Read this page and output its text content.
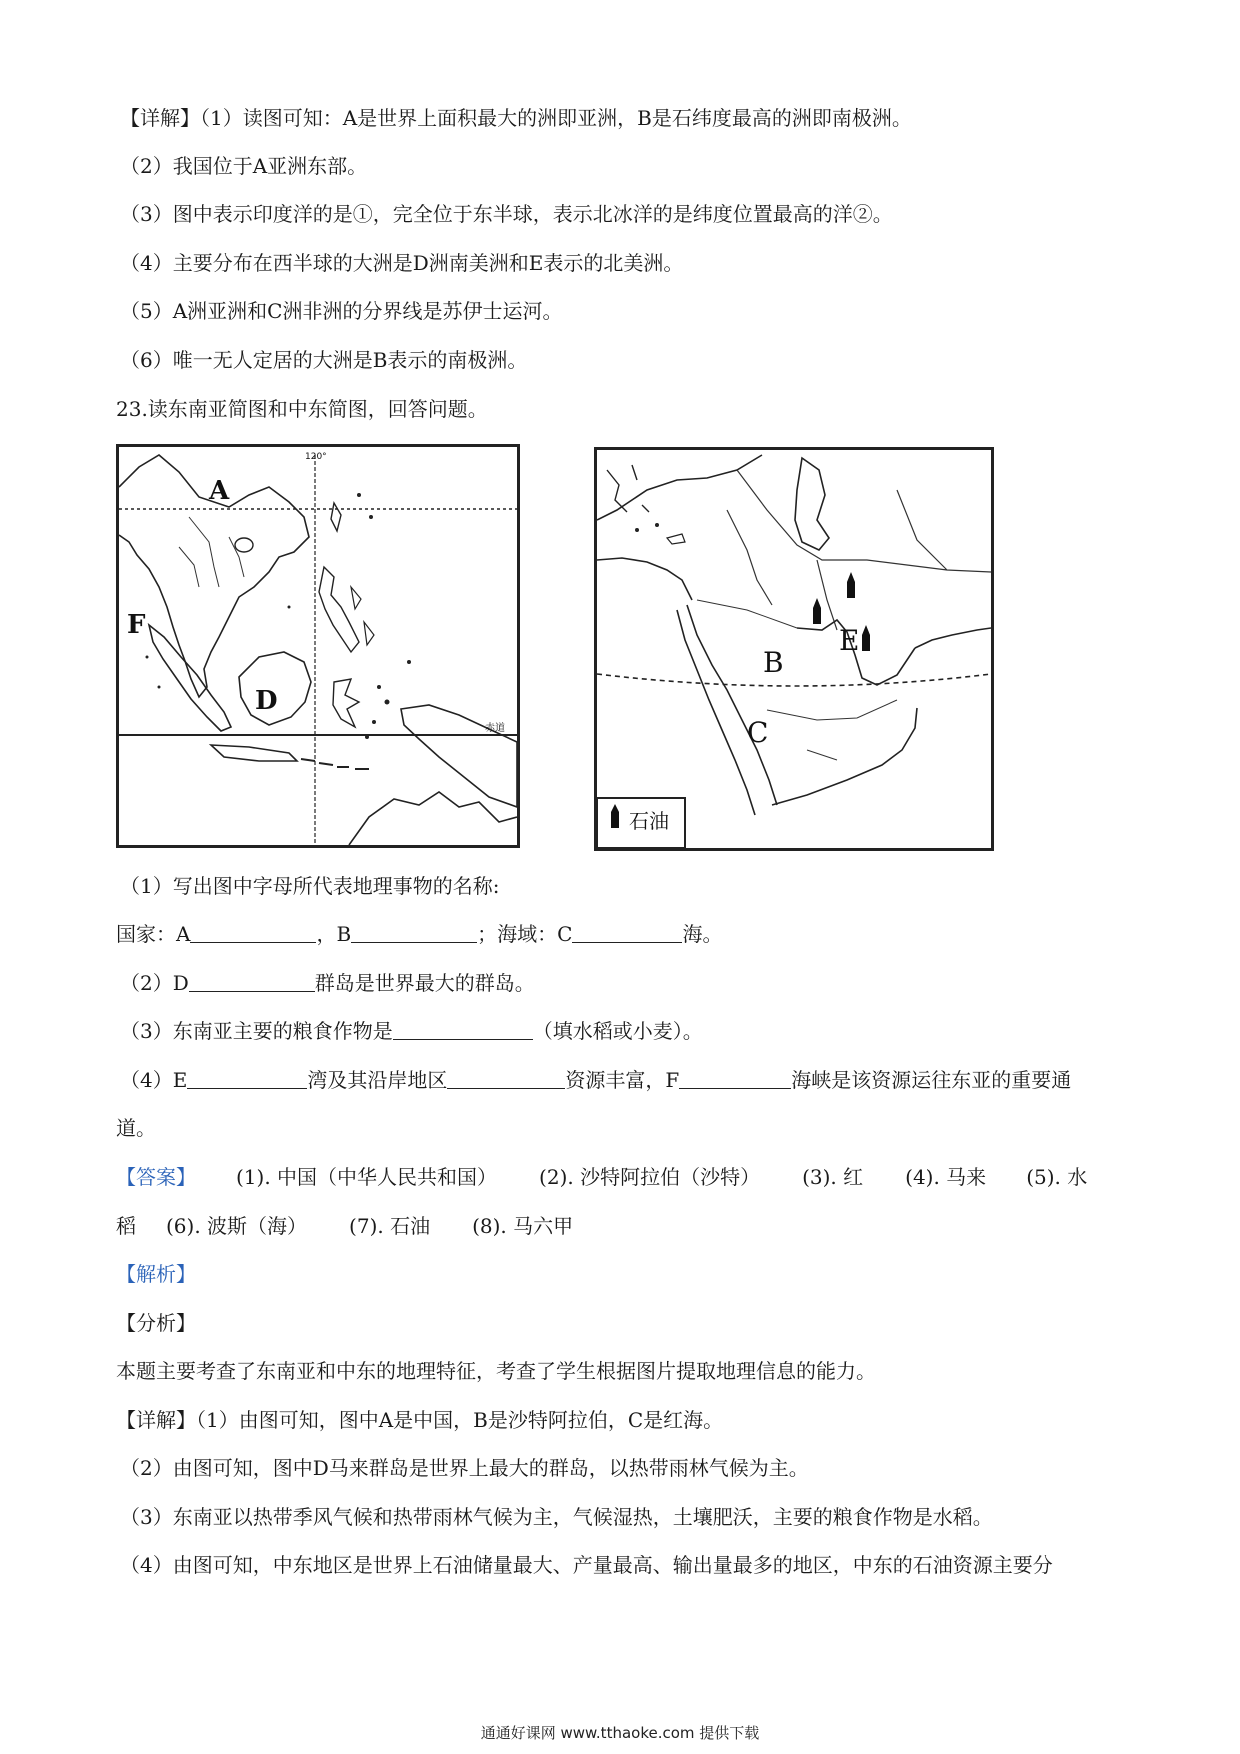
【详解】（1）读图可知：A是世界上面积最大的洲即亚洲，B是石纬度最高的洲即南极洲。
（2）我国位于A亚洲东部。
（3）图中表示印度洋的是①，完全位于东半球，表示北冰洋的是纬度位置最高的洋②。
（4）主要分布在西半球的大洲是D洲南美洲和E表示的北美洲。
（5）A洲亚洲和C洲非洲的分界线是苏伊士运河。
（6）唯一无人定居的大洲是B表示的南极洲。
23.读东南亚简图和中东简图，回答问题。
A
D
F
120°
赤道
B
C
E
石油
（1）写出图中字母所代表地理事物的名称:
国家：A	，B	；海域：C	海。
（2）D	群岛是世界最大的群岛。
（3）东南亚主要的粮食作物是	（填水稻或小麦）。
（4）E	湾及其沿岸地区	资源丰富，F	海峡是该资源运往东亚的重要通
道。
【答案】 (1). 中国（中华人民共和国） (2). 沙特阿拉伯（沙特） (3). 红 (4). 马来 (5). 水
稻 (6). 波斯（海） (7). 石油 (8). 马六甲
【解析】
【分析】
本题主要考查了东南亚和中东的地理特征，考查了学生根据图片提取地理信息的能力。
【详解】（1）由图可知，图中A是中国，B是沙特阿拉伯，C是红海。
（2）由图可知，图中D马来群岛是世界上最大的群岛，以热带雨林气候为主。
（3）东南亚以热带季风气候和热带雨林气候为主，气候湿热，土壤肥沃，主要的粮食作物是水稻。
（4）由图可知，中东地区是世界上石油储量最大、产量最高、输出量最多的地区，中东的石油资源主要分
通通好课网 www.tthaoke.com 提供下载
